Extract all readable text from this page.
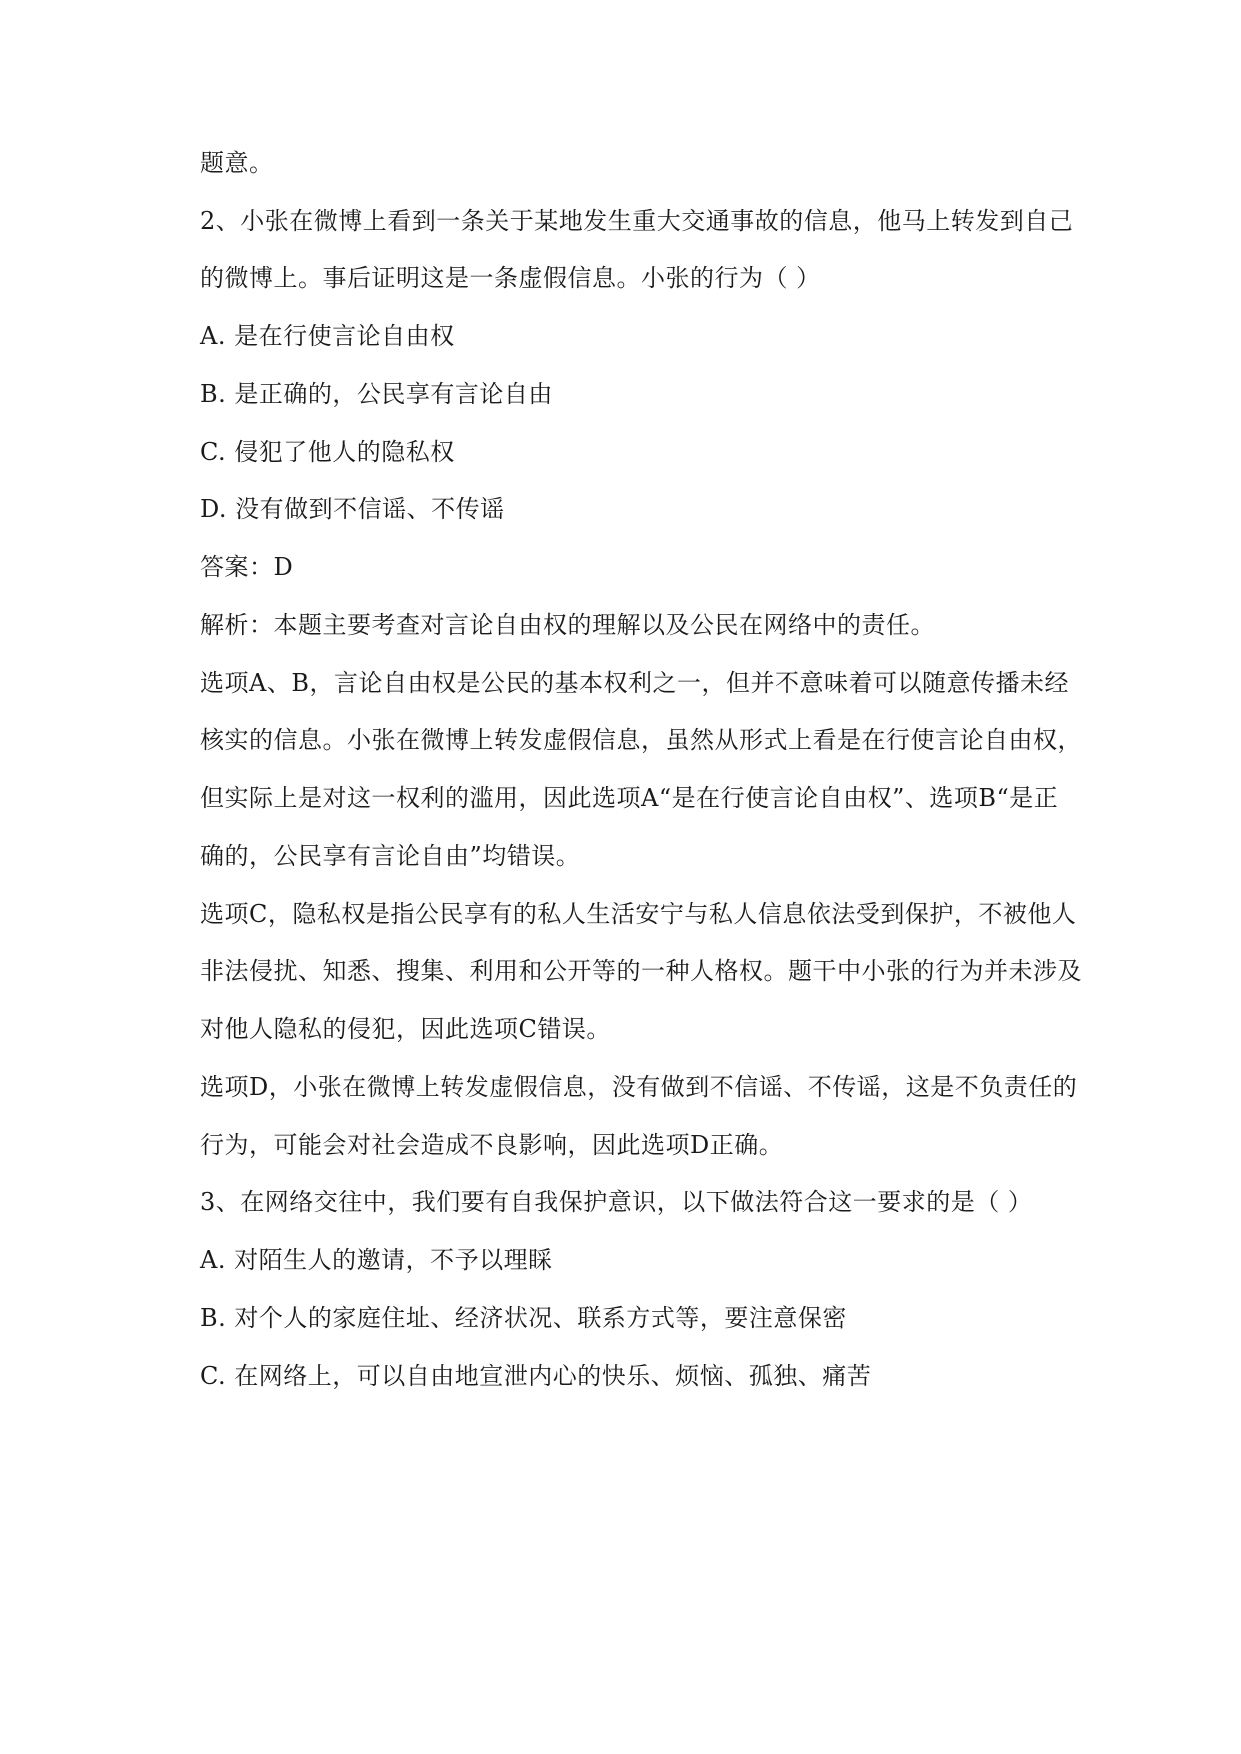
题意。
2、小张在微博上看到一条关于某地发生重大交通事故的信息，他马上转发到自己
的微博上。事后证明这是一条虚假信息。小张的行为（ ）
A. 是在行使言论自由权
B. 是正确的，公民享有言论自由
C. 侵犯了他人的隐私权
D. 没有做到不信谣、不传谣
答案：D
解析：本题主要考查对言论自由权的理解以及公民在网络中的责任。
选项A、B，言论自由权是公民的基本权利之一，但并不意味着可以随意传播未经
核实的信息。小张在微博上转发虚假信息，虽然从形式上看是在行使言论自由权，
但实际上是对这一权利的滥用，因此选项A“是在行使言论自由权”、选项B“是正
确的，公民享有言论自由”均错误。
选项C，隐私权是指公民享有的私人生活安宁与私人信息依法受到保护，不被他人
非法侵扰、知悉、搜集、利用和公开等的一种人格权。题干中小张的行为并未涉及
对他人隐私的侵犯，因此选项C错误。
选项D，小张在微博上转发虚假信息，没有做到不信谣、不传谣，这是不负责任的
行为，可能会对社会造成不良影响，因此选项D正确。
3、在网络交往中，我们要有自我保护意识，以下做法符合这一要求的是（ ）
A. 对陌生人的邀请，不予以理睬
B. 对个人的家庭住址、经济状况、联系方式等，要注意保密
C. 在网络上，可以自由地宣泄内心的快乐、烦恼、孤独、痛苦
